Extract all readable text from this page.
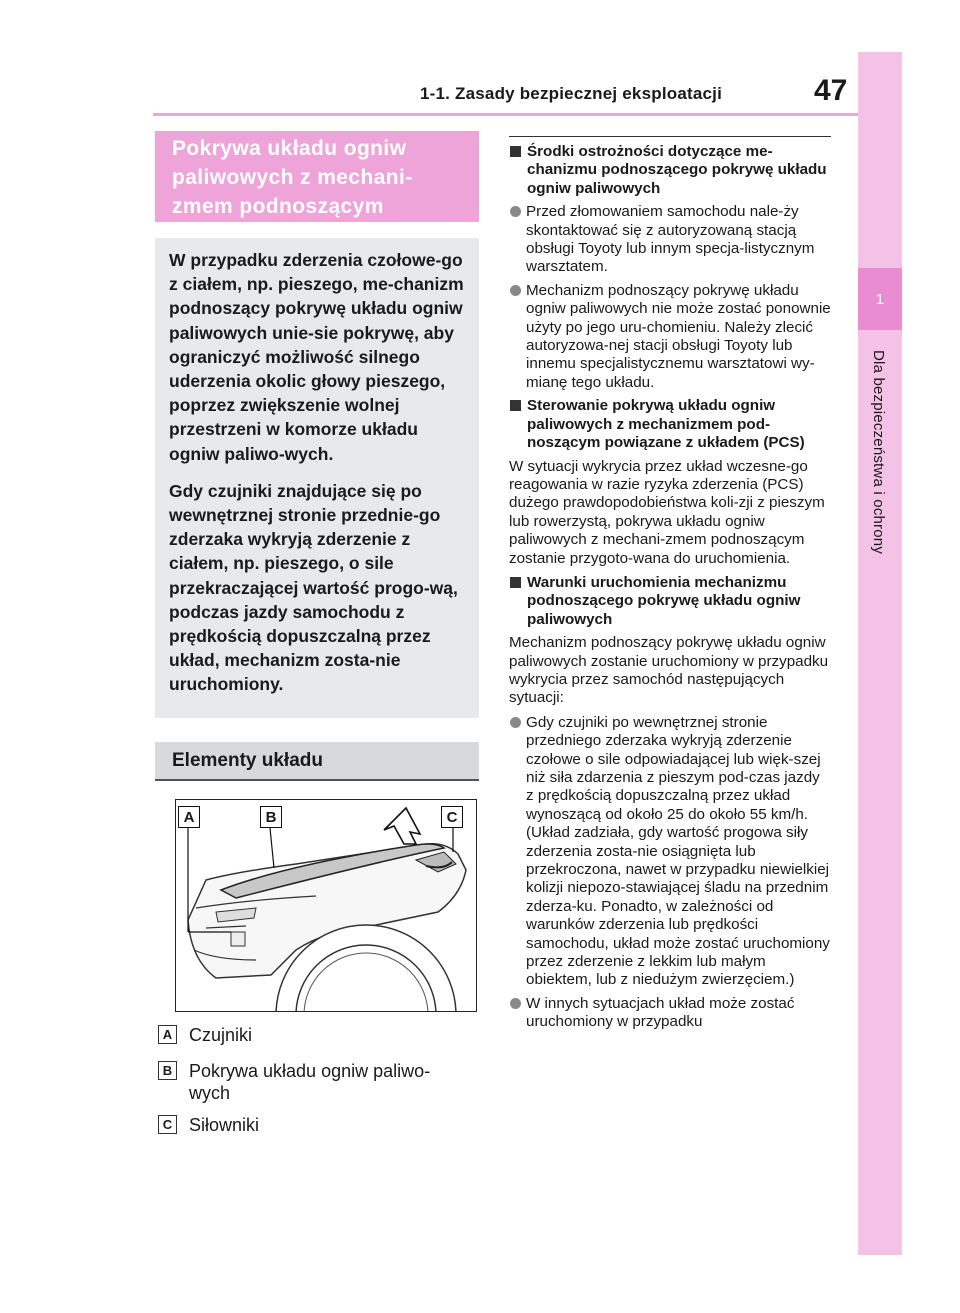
1-1. Zasady bezpiecznej eksploatacji	47
1
Dla bezpieczeństwa i ochrony
Pokrywa układu ogniw
paliwowych z mechani-
zmem podnoszącym

W przypadku zderzenia czołowe-go z ciałem, np. pieszego, me-chanizm podnoszący pokrywę układu ogniw paliwowych unie-sie pokrywę, aby ograniczyć możliwość silnego uderzenia okolic głowy pieszego, poprzez zwiększenie wolnej przestrzeni w komorze układu ogniw paliwo-wych.

Gdy czujniki znajdujące się po wewnętrznej stronie przednie-go zderzaka wykryją zderzenie z ciałem, np. pieszego, o sile przekraczającej wartość progo-wą, podczas jazdy samochodu z prędkością dopuszczalną przez układ, mechanizm zosta-nie uruchomiony.

Elementy układu
A	B	C
A Czujniki
B Pokrywa układu ogniw paliwo-wych
C Siłowniki
Środki ostrożności dotyczące me-chanizmu podnoszącego pokrywę układu ogniw paliwowych
Przed złomowaniem samochodu nale-ży skontaktować się z autoryzowaną stacją obsługi Toyoty lub innym specja-listycznym warsztatem.
Mechanizm podnoszący pokrywę układu ogniw paliwowych nie może zostać ponownie użyty po jego uru-chomieniu. Należy zlecić autoryzowa-nej stacji obsługi Toyoty lub innemu specjalistycznemu warsztatowi wy-mianę tego układu.
Sterowanie pokrywą układu ogniw paliwowych z mechanizmem pod-noszącym powiązane z układem (PCS)
W sytuacji wykrycia przez układ wczesne-go reagowania w razie ryzyka zderzenia (PCS) dużego prawdopodobieństwa koli-zji z pieszym lub rowerzystą, pokrywa układu ogniw paliwowych z mechani-zmem podnoszącym zostanie przygoto-wana do uruchomienia.
Warunki uruchomienia mechanizmu podnoszącego pokrywę układu ogniw paliwowych
Mechanizm podnoszący pokrywę układu ogniw paliwowych zostanie uruchomiony w przypadku wykrycia przez samochód następujących sytuacji:
Gdy czujniki po wewnętrznej stronie przedniego zderzaka wykryją zderzenie czołowe o sile odpowiadającej lub więk-szej niż siła zdarzenia z pieszym pod-czas jazdy z prędkością dopuszczalną przez układ wynoszącą od około 25 do około 55 km/h. (Układ zadziała, gdy wartość progowa siły zderzenia zosta-nie osiągnięta lub przekroczona, nawet w przypadku niewielkiej kolizji niepozo-stawiającej śladu na przednim zderza-ku. Ponadto, w zależności od warunków zderzenia lub prędkości samochodu, układ może zostać uruchomiony przez zderzenie z lekkim lub małym obiektem, lub z niedużym zwierzęciem.)
W innych sytuacjach układ może zostać uruchomiony w przypadku
